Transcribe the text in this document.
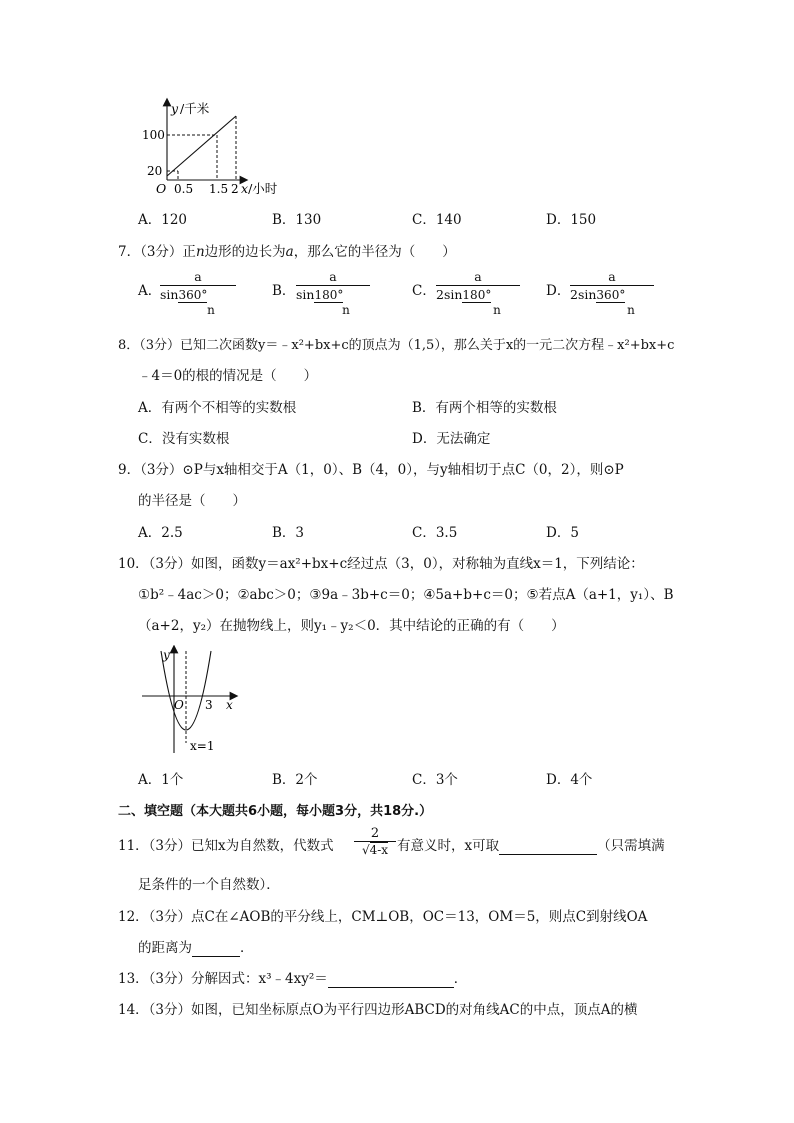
y /千米
100
20
O 0.5 1.5 2 x/小时
A．120	B．130	C．140	D．150
7．（3分）正n边形的边长为a，那么它的半径为（　　）
A．
a
sin360°
n
B．
a
sin180°
n
C．
a
2sin180°
n
D．
a
2sin360°
n
8．（3分）已知二次函数y＝﹣x²+bx+c的顶点为（1,5），那么关于x的一元二次方程﹣x²+bx+c
﹣4＝0的根的情况是（　　）
A．有两个不相等的实数根	B．有两个相等的实数根
C．没有实数根	D．无法确定
9．（3分）⊙P与x轴相交于A（1，0）、B（4，0），与y轴相切于点C（0，2），则⊙P
的半径是（　　）
A．2.5	B．3	C．3.5	D．5
10．（3分）如图，函数y＝ax²+bx+c经过点（3，0），对称轴为直线x＝1，下列结论：
①b²﹣4ac＞0；②abc＞0；③9a﹣3b+c＝0；④5a+b+c＝0；⑤若点A（a+1，y₁）、B
（a+2，y₂）在抛物线上，则y₁﹣y₂＜0．其中结论的正确的有（　　）
y
O 3 x
x=1
A．1个	B．2个	C．3个	D．4个
二、填空题（本大题共6小题，每小题3分，共18分.）
11．（3分）已知x为自然数，代数式
2
√4-x 有意义时，x可取	（只需填满
足条件的一个自然数）．
12．（3分）点C在∠AOB的平分线上，CM⊥OB，OC＝13，OM＝5，则点C到射线OA
的距离为	．
13．（3分）分解因式：x³﹣4xy²＝	．
14．（3分）如图，已知坐标原点O为平行四边形ABCD的对角线AC的中点，顶点A的横
